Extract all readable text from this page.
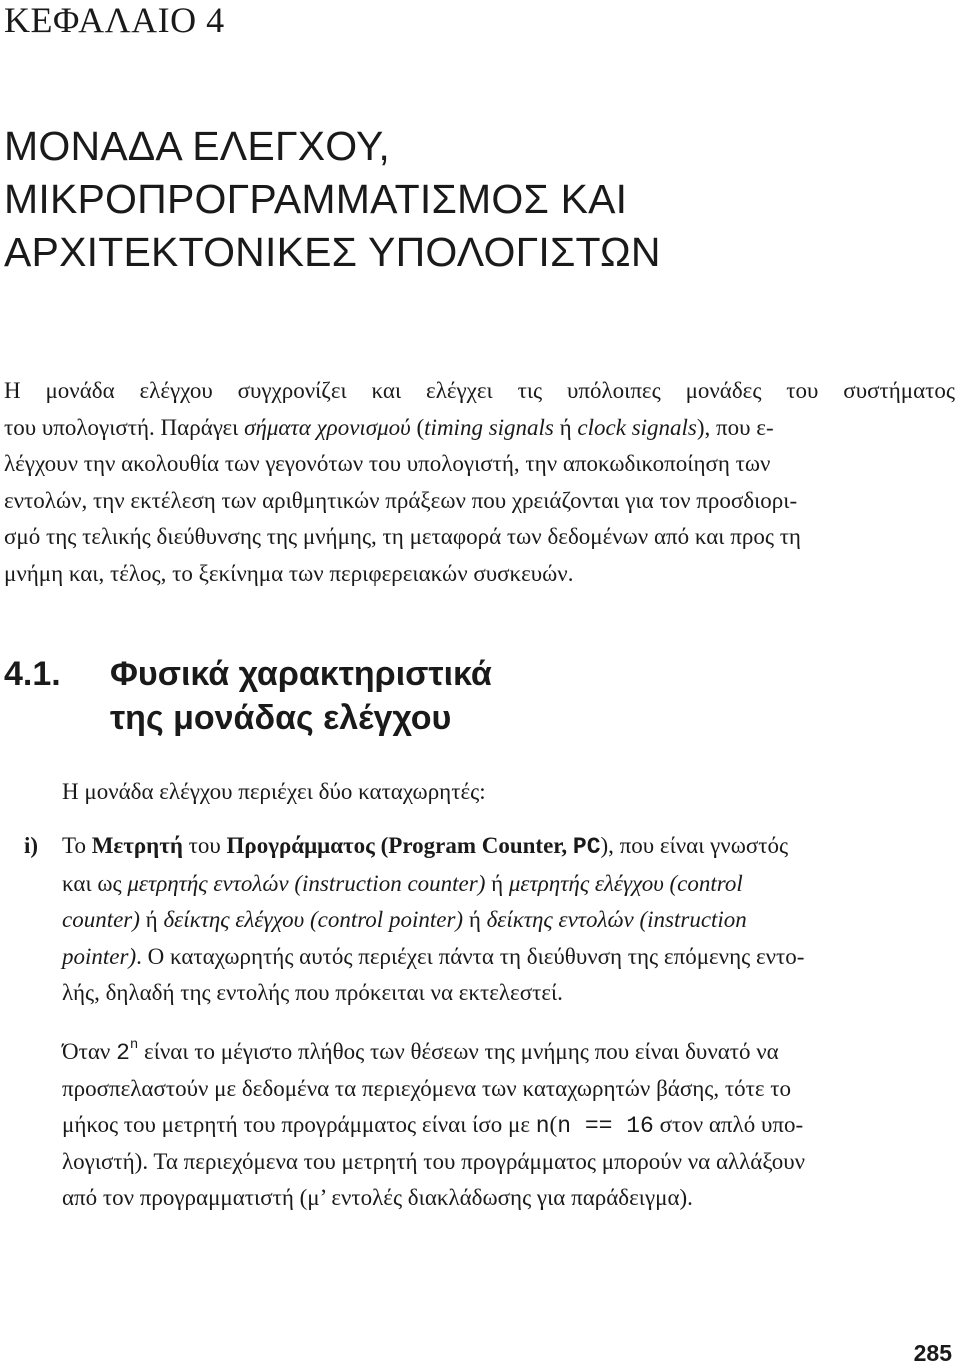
ΚΕΦΑΛΑΙΟ 4
ΜΟΝΑΔΑ ΕΛΕΓΧΟΥ,
ΜΙΚΡΟΠΡΟΓΡΑΜΜΑΤΙΣΜΟΣ ΚΑΙ
ΑΡΧΙΤΕΚΤΟΝΙΚΕΣ ΥΠΟΛΟΓΙΣΤΩΝ
Η μονάδα ελέγχου συγχρονίζει και ελέγχει τις υπόλοιπες μονάδες του συστήματος
του υπολογιστή. Παράγει σήματα χρονισμού (timing signals ή clock signals), που ε-
λέγχουν την ακολουθία των γεγονότων του υπολογιστή, την αποκωδικοποίηση των
εντολών, την εκτέλεση των αριθμητικών πράξεων που χρειάζονται για τον προσδιορι-
σμό της τελικής διεύθυνσης της μνήμης, τη μεταφορά των δεδομένων από και προς τη
μνήμη και, τέλος, το ξεκίνημα των περιφερειακών συσκευών.
4.1. Φυσικά χαρακτηριστικά
της μονάδας ελέγχου
Η μονάδα ελέγχου περιέχει δύο καταχωρητές:
i) Το Μετρητή του Προγράμματος (Program Counter, PC), που είναι γνωστός
και ως μετρητής εντολών (instruction counter) ή μετρητής ελέγχου (control
counter) ή δείκτης ελέγχου (control pointer) ή δείκτης εντολών (instruction
pointer). Ο καταχωρητής αυτός περιέχει πάντα τη διεύθυνση της επόμενης εντο-
λής, δηλαδή της εντολής που πρόκειται να εκτελεστεί.
Όταν 2$^n$ είναι το μέγιστο πλήθος των θέσεων της μνήμης που είναι δυνατό να
προσπελαστούν με δεδομένα τα περιεχόμενα των καταχωρητών βάσης, τότε το
μήκος του μετρητή του προγράμματος είναι ίσο με n(n == 16 στον απλό υπο-
λογιστή). Τα περιεχόμενα του μετρητή του προγράμματος μπορούν να αλλάξουν
από τον προγραμματιστή (μ’ εντολές διακλάδωσης για παράδειγμα).
285
